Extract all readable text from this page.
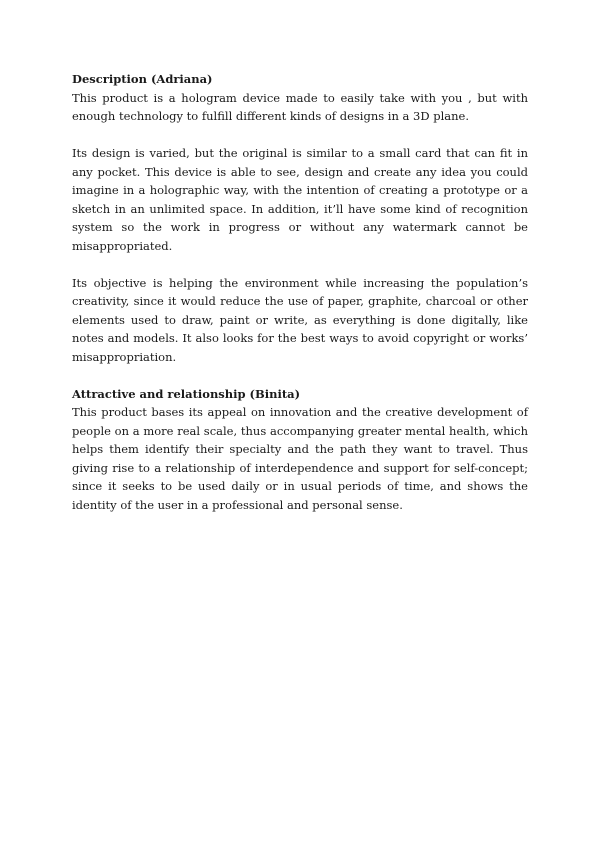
Description (Adriana)

This product is a hologram device made to easily take with you , but with enough technology to fulfill different kinds of designs in a 3D plane.

Its design is varied, but the original is similar to a small card that can fit in any pocket. This device is able to see, design and create any idea you could imagine in a holographic way, with the intention of creating a prototype or a sketch in an unlimited space. In addition, it’ll have some kind of recognition system so the work in progress or without any watermark cannot be misappropriated.

Its objective is helping the environment while increasing the population’s creativity, since it would reduce the use of paper, graphite, charcoal or other elements used to draw, paint or write, as everything is done digitally, like notes and models. It also looks for the best ways to avoid copyright or works’ misappropriation.

Attractive and relationship (Binita)

This product bases its appeal on innovation and the creative development of people on a more real scale, thus accompanying greater mental health, which helps them identify their specialty and the path they want to travel. Thus giving rise to a relationship of interdependence and support for self-concept; since it seeks to be used daily or in usual periods of time, and shows the identity of the user in a professional and personal sense.
